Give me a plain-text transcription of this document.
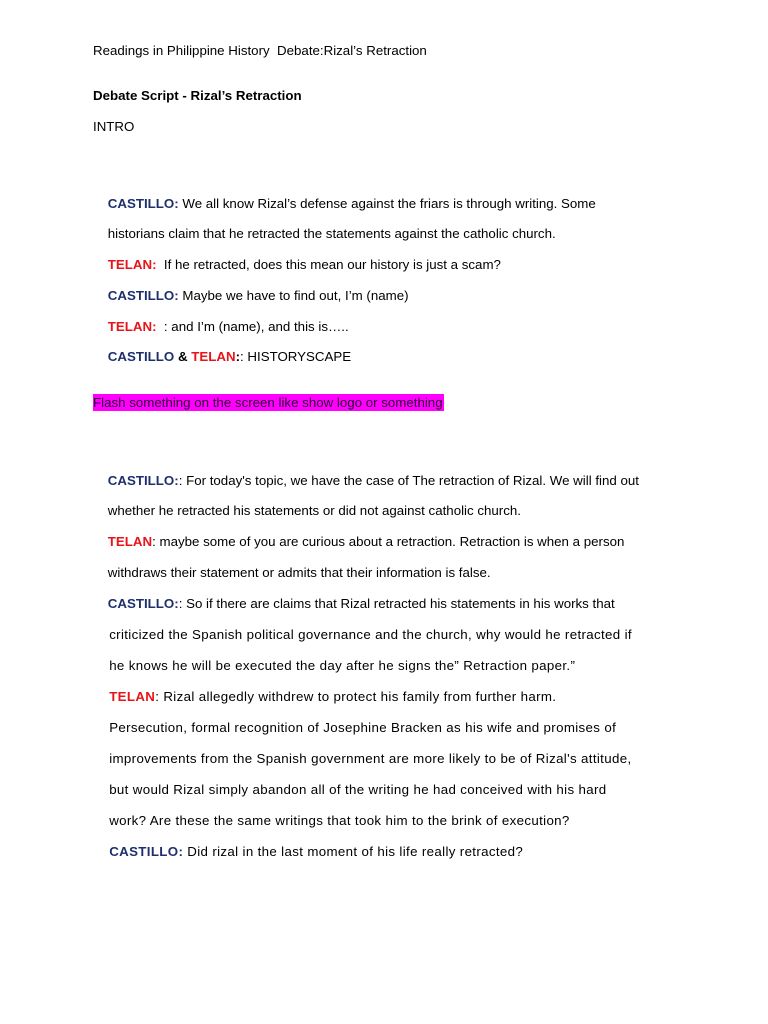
Readings in Philippine History  Debate:Rizal’s Retraction
Debate Script - Rizal’s Retraction
INTRO

CASTILLO: We all know Rizal’s defense against the friars is through writing. Some

historians claim that he retracted the statements against the catholic church.

TELAN:  If he retracted, does this mean our history is just a scam?

CASTILLO: Maybe we have to find out, I’m (name)

TELAN:  : and I’m (name), and this is…..

CASTILLO & TELAN:: HISTORYSCAPE

Flash something on the screen like show logo or something

CASTILLO:: For today's topic, we have the case of The retraction of Rizal. We will find out

whether he retracted his statements or did not against catholic church.

TELAN: maybe some of you are curious about a retraction. Retraction is when a person

withdraws their statement or admits that their information is false.

CASTILLO:: So if there are claims that Rizal retracted his statements in his works that

criticized the Spanish political governance and the church, why would he retracted if

he knows he will be executed the day after he signs the” Retraction paper.”

TELAN: Rizal allegedly withdrew to protect his family from further harm.

Persecution, formal recognition of Josephine Bracken as his wife and promises of

improvements from the Spanish government are more likely to be of Rizal's attitude,

but would Rizal simply abandon all of the writing he had conceived with his hard

work? Are these the same writings that took him to the brink of execution?

CASTILLO: Did rizal in the last moment of his life really retracted?
